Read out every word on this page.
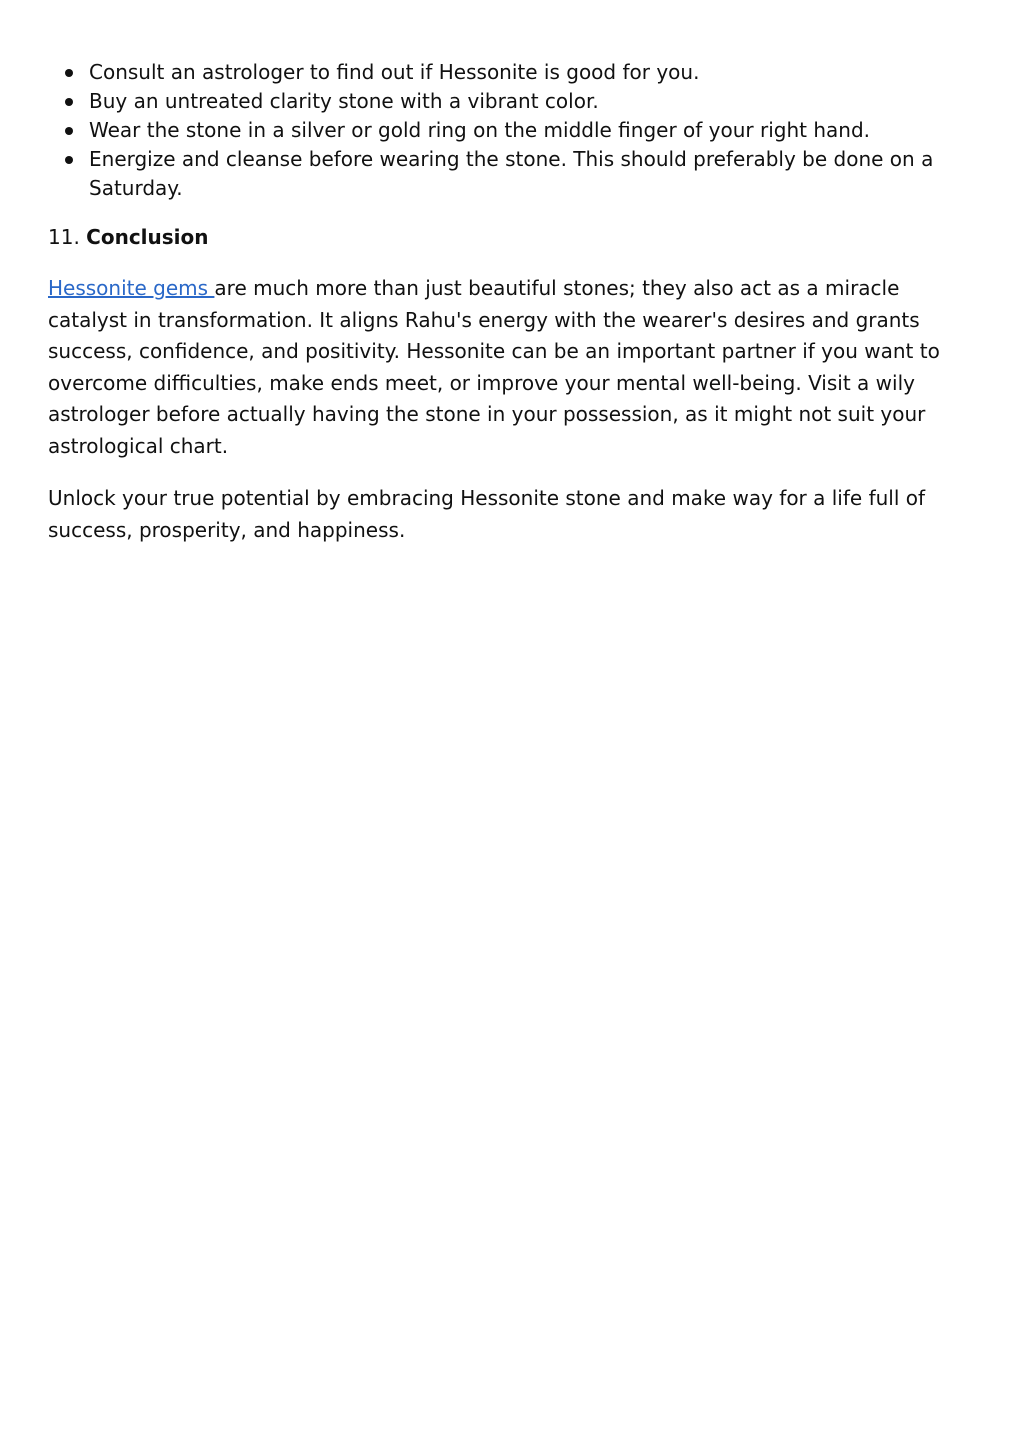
Consult an astrologer to find out if Hessonite is good for you.
Buy an untreated clarity stone with a vibrant color.
Wear the stone in a silver or gold ring on the middle finger of your right hand.
Energize and cleanse before wearing the stone. This should preferably be done on a Saturday.
11. Conclusion

Hessonite gems are much more than just beautiful stones; they also act as a miracle catalyst in transformation. It aligns Rahu's energy with the wearer's desires and grants success, confidence, and positivity. Hessonite can be an important partner if you want to overcome difficulties, make ends meet, or improve your mental well-being. Visit a wily astrologer before actually having the stone in your possession, as it might not suit your astrological chart.

Unlock your true potential by embracing Hessonite stone and make way for a life full of success, prosperity, and happiness.
